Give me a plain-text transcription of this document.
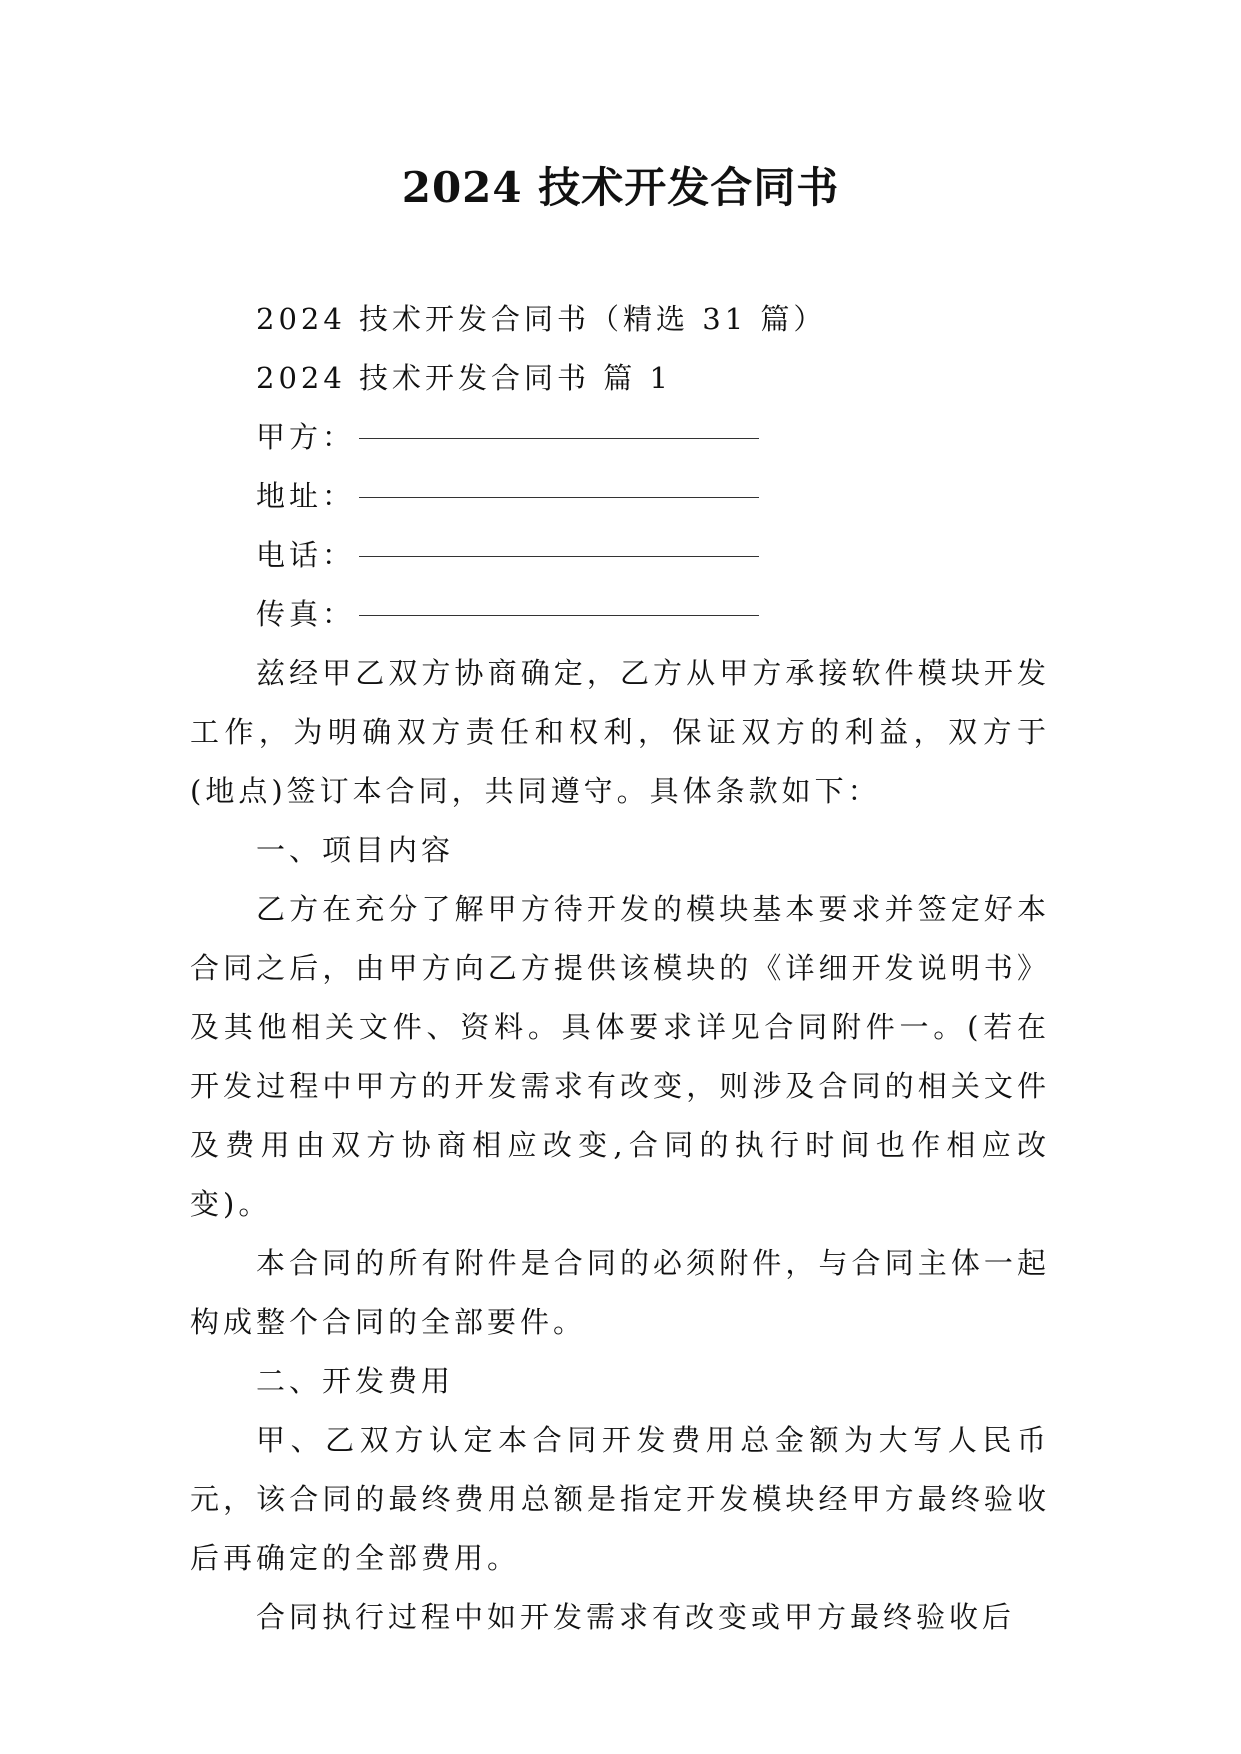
2024 技术开发合同书

2024 技术开发合同书（精选 31 篇）

2024 技术开发合同书 篇 1

甲方：
地址：
电话：
传真：

兹经甲乙双方协商确定，乙方从甲方承接软件模块开发工作，为明确双方责任和权利，保证双方的利益，双方于(地点)签订本合同，共同遵守。具体条款如下：

一、项目内容

乙方在充分了解甲方待开发的模块基本要求并签定好本合同之后，由甲方向乙方提供该模块的《详细开发说明书》及其他相关文件、资料。具体要求详见合同附件一。(若在开发过程中甲方的开发需求有改变，则涉及合同的相关文件及费用由双方协商相应改变,合同的执行时间也作相应改变)。

本合同的所有附件是合同的必须附件，与合同主体一起构成整个合同的全部要件。

二、开发费用

甲、乙双方认定本合同开发费用总金额为大写人民币元，该合同的最终费用总额是指定开发模块经甲方最终验收后再确定的全部费用。

合同执行过程中如开发需求有改变或甲方最终验收后
